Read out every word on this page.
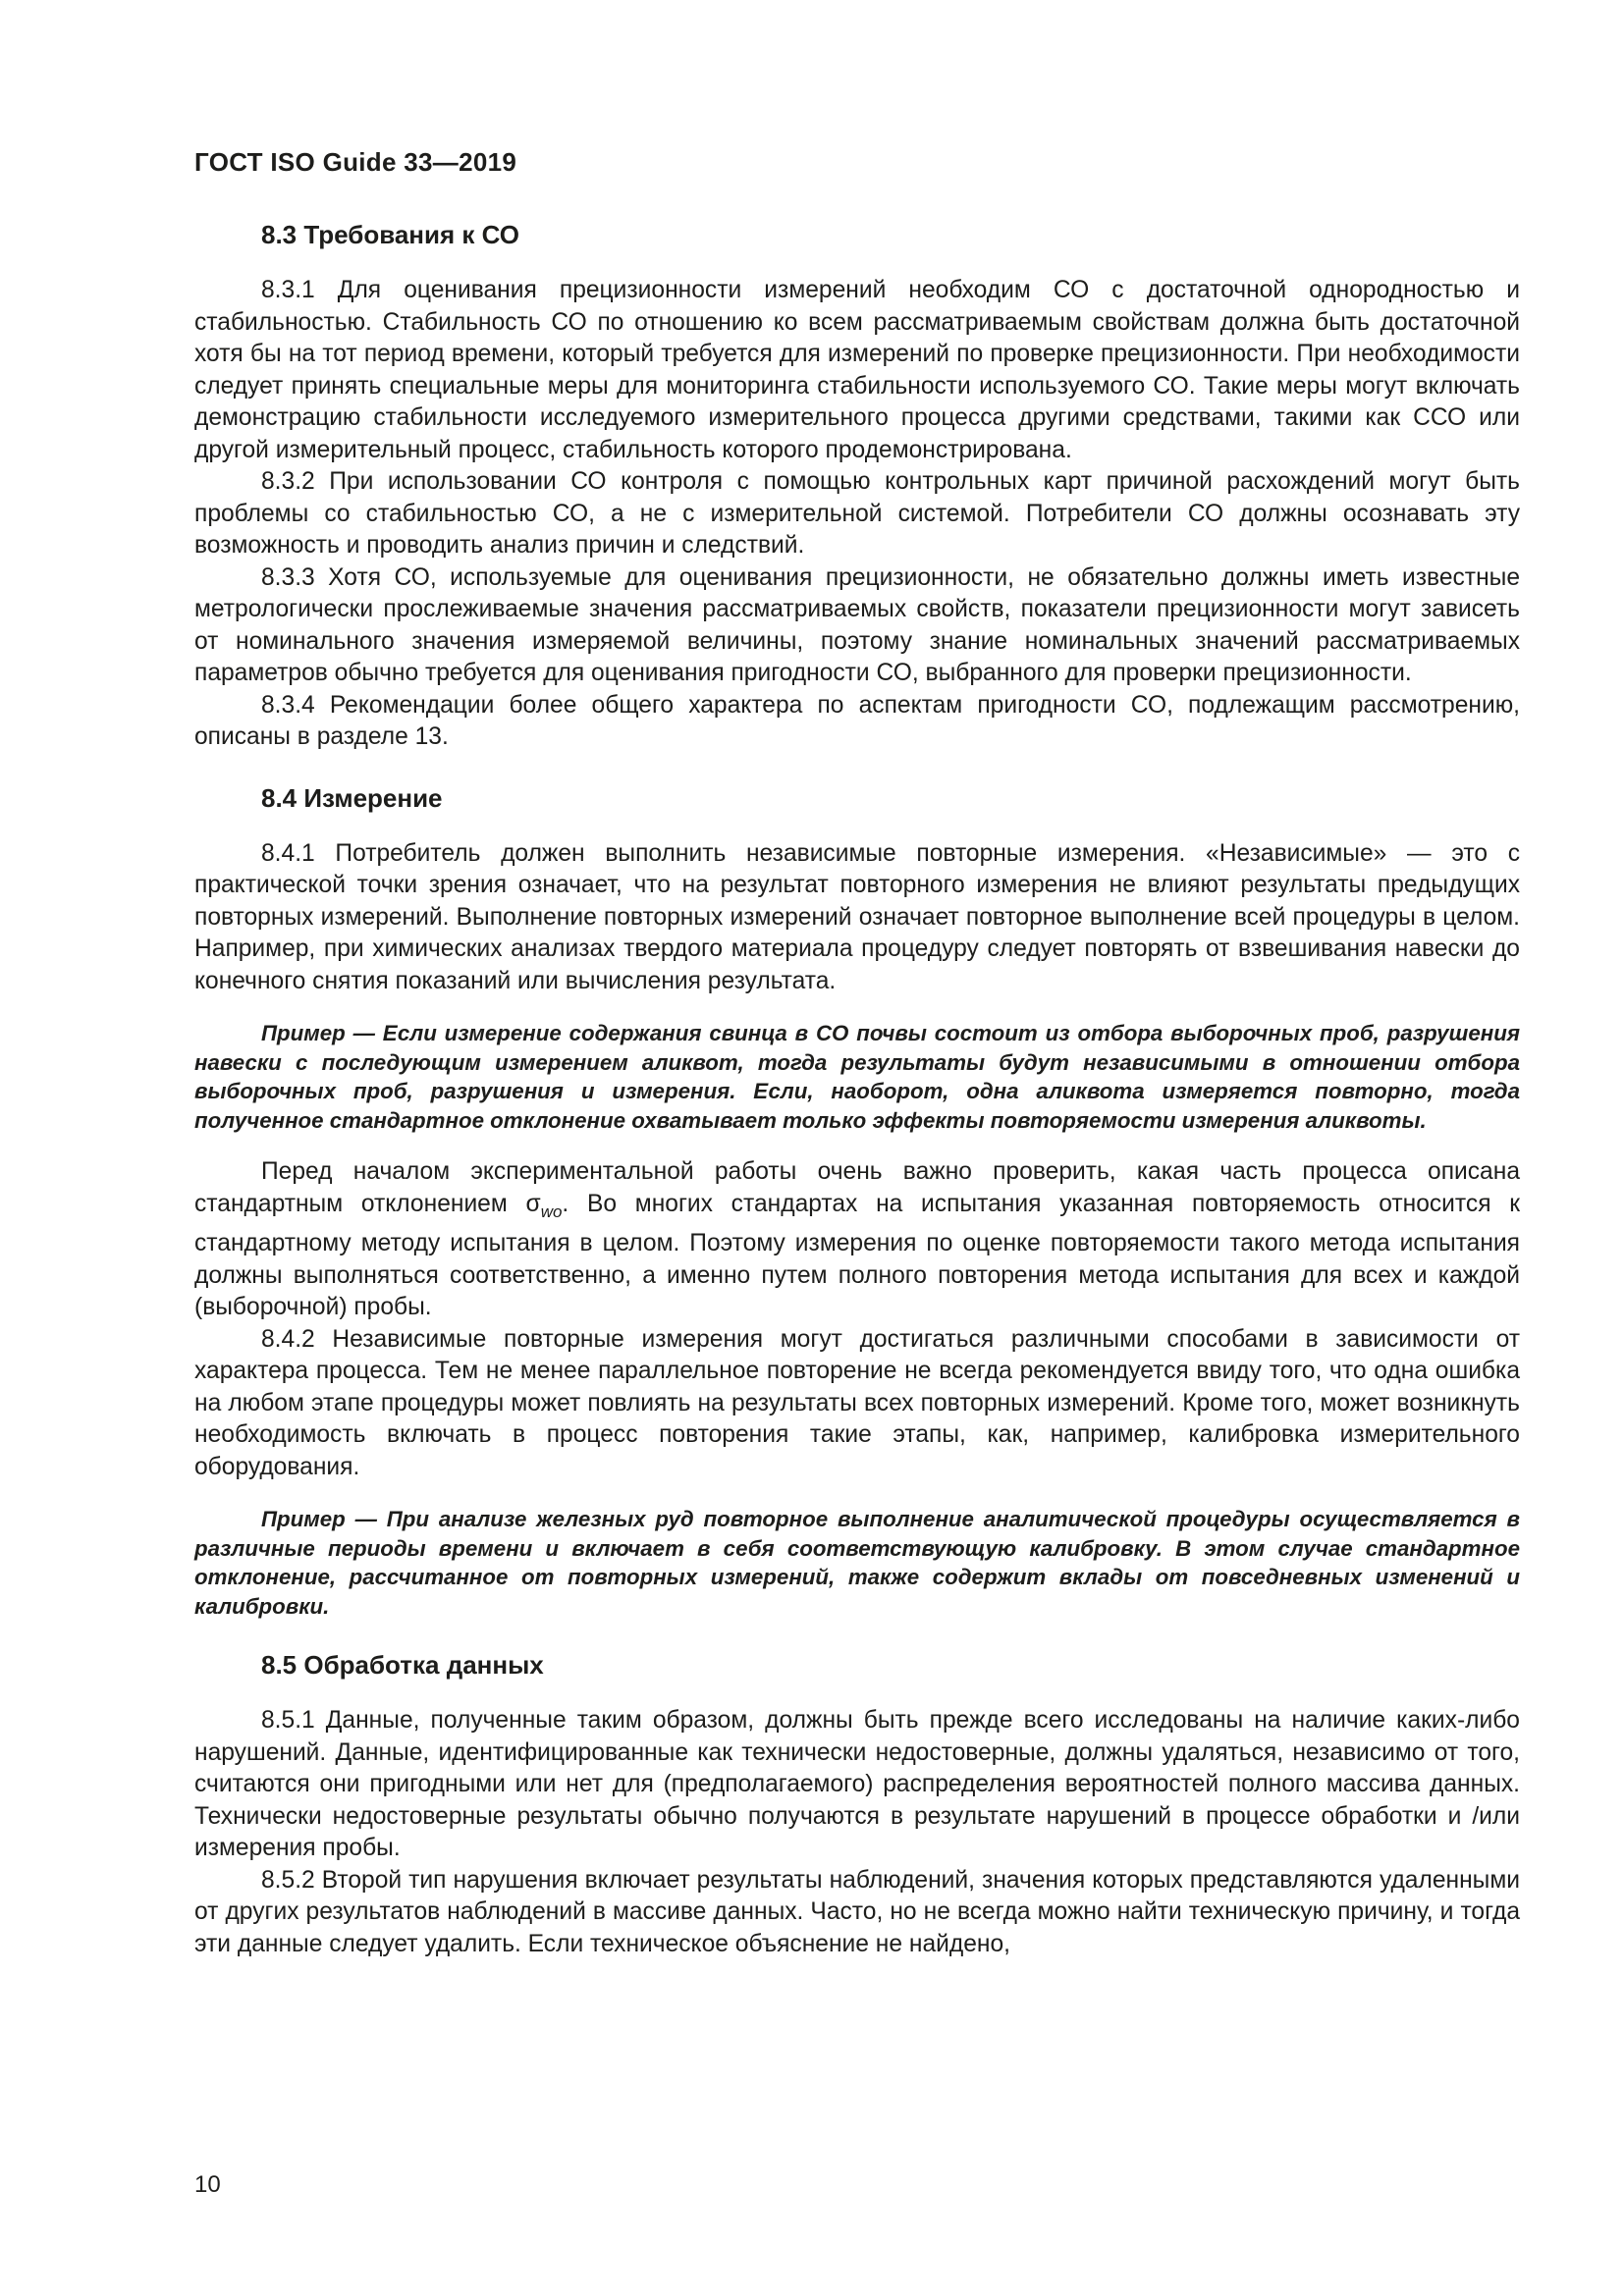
ГОСТ ISO Guide 33—2019
8.3 Требования к СО

8.3.1 Для оценивания прецизионности измерений необходим СО с достаточной однородностью и стабильностью. Стабильность СО по отношению ко всем рассматриваемым свойствам должна быть достаточной хотя бы на тот период времени, который требуется для измерений по проверке прецизионности. При необходимости следует принять специальные меры для мониторинга стабильности используемого СО. Такие меры могут включать демонстрацию стабильности исследуемого измерительного процесса другими средствами, такими как ССО или другой измерительный процесс, стабильность которого продемонстрирована.

8.3.2 При использовании СО контроля с помощью контрольных карт причиной расхождений могут быть проблемы со стабильностью СО, а не с измерительной системой. Потребители СО должны осознавать эту возможность и проводить анализ причин и следствий.

8.3.3 Хотя СО, используемые для оценивания прецизионности, не обязательно должны иметь известные метрологически прослеживаемые значения рассматриваемых свойств, показатели прецизионности могут зависеть от номинального значения измеряемой величины, поэтому знание номинальных значений рассматриваемых параметров обычно требуется для оценивания пригодности СО, выбранного для проверки прецизионности.

8.3.4 Рекомендации более общего характера по аспектам пригодности СО, подлежащим рассмотрению, описаны в разделе 13.

8.4 Измерение

8.4.1 Потребитель должен выполнить независимые повторные измерения. «Независимые» — это с практической точки зрения означает, что на результат повторного измерения не влияют результаты предыдущих повторных измерений. Выполнение повторных измерений означает повторное выполнение всей процедуры в целом. Например, при химических анализах твердого материала процедуру следует повторять от взвешивания навески до конечного снятия показаний или вычисления результата.

Пример — Если измерение содержания свинца в СО почвы состоит из отбора выборочных проб, разрушения навески с последующим измерением аликвот, тогда результаты будут независимыми в отношении отбора выборочных проб, разрушения и измерения. Если, наоборот, одна аликвота измеряется повторно, тогда полученное стандартное отклонение охватывает только эффекты повторяемости измерения аликвоты.

Перед началом экспериментальной работы очень важно проверить, какая часть процесса описана стандартным отклонением $\sigma_{wo}$. Во многих стандартах на испытания указанная повторяемость относится к стандартному методу испытания в целом. Поэтому измерения по оценке повторяемости такого метода испытания должны выполняться соответственно, а именно путем полного повторения метода испытания для всех и каждой (выборочной) пробы.

8.4.2 Независимые повторные измерения могут достигаться различными способами в зависимости от характера процесса. Тем не менее параллельное повторение не всегда рекомендуется ввиду того, что одна ошибка на любом этапе процедуры может повлиять на результаты всех повторных измерений. Кроме того, может возникнуть необходимость включать в процесс повторения такие этапы, как, например, калибровка измерительного оборудования.

Пример — При анализе железных руд повторное выполнение аналитической процедуры осуществляется в различные периоды времени и включает в себя соответствующую калибровку. В этом случае стандартное отклонение, рассчитанное от повторных измерений, также содержит вклады от повседневных изменений и калибровки.

8.5 Обработка данных

8.5.1 Данные, полученные таким образом, должны быть прежде всего исследованы на наличие каких-либо нарушений. Данные, идентифицированные как технически недостоверные, должны удаляться, независимо от того, считаются они пригодными или нет для (предполагаемого) распределения вероятностей полного массива данных. Технически недостоверные результаты обычно получаются в результате нарушений в процессе обработки и /или измерения пробы.

8.5.2 Второй тип нарушения включает результаты наблюдений, значения которых представляются удаленными от других результатов наблюдений в массиве данных. Часто, но не всегда можно найти техническую причину, и тогда эти данные следует удалить. Если техническое объяснение не найдено,

10
